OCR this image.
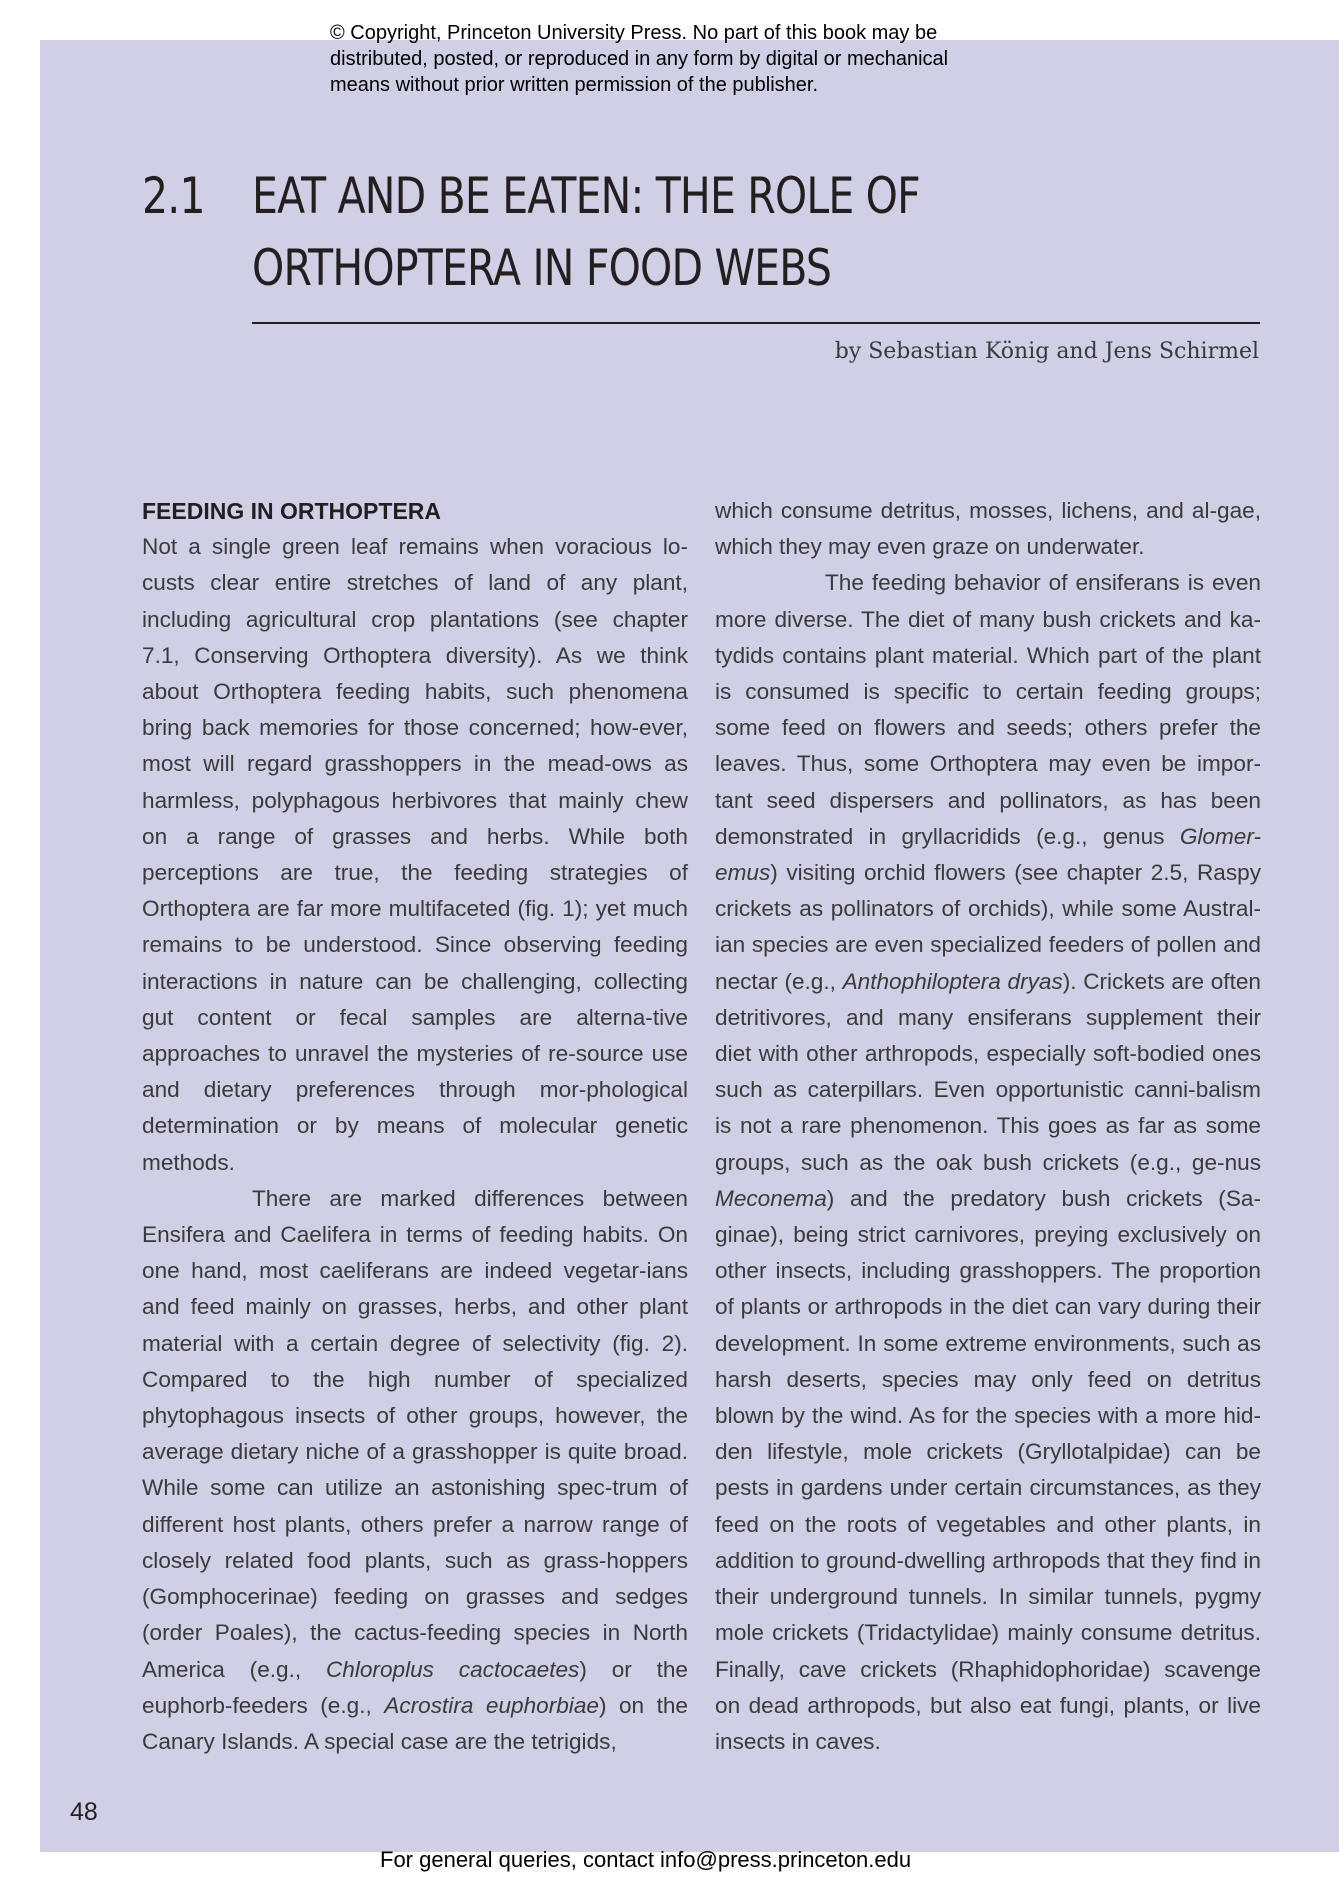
© Copyright, Princeton University Press. No part of this book may be
distributed, posted, or reproduced in any form by digital or mechanical
means without prior written permission of the publisher.
2.1 EAT AND BE EATEN: THE ROLE OF
ORTHOPTERA IN FOOD WEBS
by Sebastian König and Jens Schirmel

FEEDING IN ORTHOPTERA

Not a single green leaf remains when voracious lo-custs clear entire stretches of land of any plant, including agricultural crop plantations (see chapter 7.1, Conserving Orthoptera diversity). As we think about Orthoptera feeding habits, such phenomena bring back memories for those concerned; how-ever, most will regard grasshoppers in the mead-ows as harmless, polyphagous herbivores that mainly chew on a range of grasses and herbs. While both perceptions are true, the feeding strategies of Orthoptera are far more multifaceted (fig. 1); yet much remains to be understood. Since observing feeding interactions in nature can be challenging, collecting gut content or fecal samples are alterna-tive approaches to unravel the mysteries of re-source use and dietary preferences through mor-phological determination or by means of molecular genetic methods.

There are marked differences between Ensifera and Caelifera in terms of feeding habits. On one hand, most caeliferans are indeed vegetar-ians and feed mainly on grasses, herbs, and other plant material with a certain degree of selectivity (fig. 2). Compared to the high number of specialized phytophagous insects of other groups, however, the average dietary niche of a grasshopper is quite broad. While some can utilize an astonishing spec-trum of different host plants, others prefer a narrow range of closely related food plants, such as grass-hoppers (Gomphocerinae) feeding on grasses and sedges (order Poales), the cactus-feeding species in North America (e.g., Chloroplus cactocaetes) or the euphorb-feeders (e.g., Acrostira euphorbiae) on the Canary Islands. A special case are the tetrigids,

which consume detritus, mosses, lichens, and al-gae, which they may even graze on underwater.

The feeding behavior of ensiferans is even more diverse. The diet of many bush crickets and ka-tydids contains plant material. Which part of the plant is consumed is specific to certain feeding groups; some feed on flowers and seeds; others prefer the leaves. Thus, some Orthoptera may even be impor-tant seed dispersers and pollinators, as has been demonstrated in gryllacridids (e.g., genus Glomer-emus) visiting orchid flowers (see chapter 2.5, Raspy crickets as pollinators of orchids), while some Austral-ian species are even specialized feeders of pollen and nectar (e.g., Anthophiloptera dryas). Crickets are often detritivores, and many ensiferans supplement their diet with other arthropods, especially soft-bodied ones such as caterpillars. Even opportunistic canni-balism is not a rare phenomenon. This goes as far as some groups, such as the oak bush crickets (e.g., ge-nus Meconema) and the predatory bush crickets (Sa-ginae), being strict carnivores, preying exclusively on other insects, including grasshoppers. The proportion of plants or arthropods in the diet can vary during their development. In some extreme environments, such as harsh deserts, species may only feed on detritus blown by the wind. As for the species with a more hid-den lifestyle, mole crickets (Gryllotalpidae) can be pests in gardens under certain circumstances, as they feed on the roots of vegetables and other plants, in addition to ground-dwelling arthropods that they find in their underground tunnels. In similar tunnels, pygmy mole crickets (Tridactylidae) mainly consume detritus. Finally, cave crickets (Rhaphidophoridae) scavenge on dead arthropods, but also eat fungi, plants, or live insects in caves.

48
For general queries, contact info@press.princeton.edu
